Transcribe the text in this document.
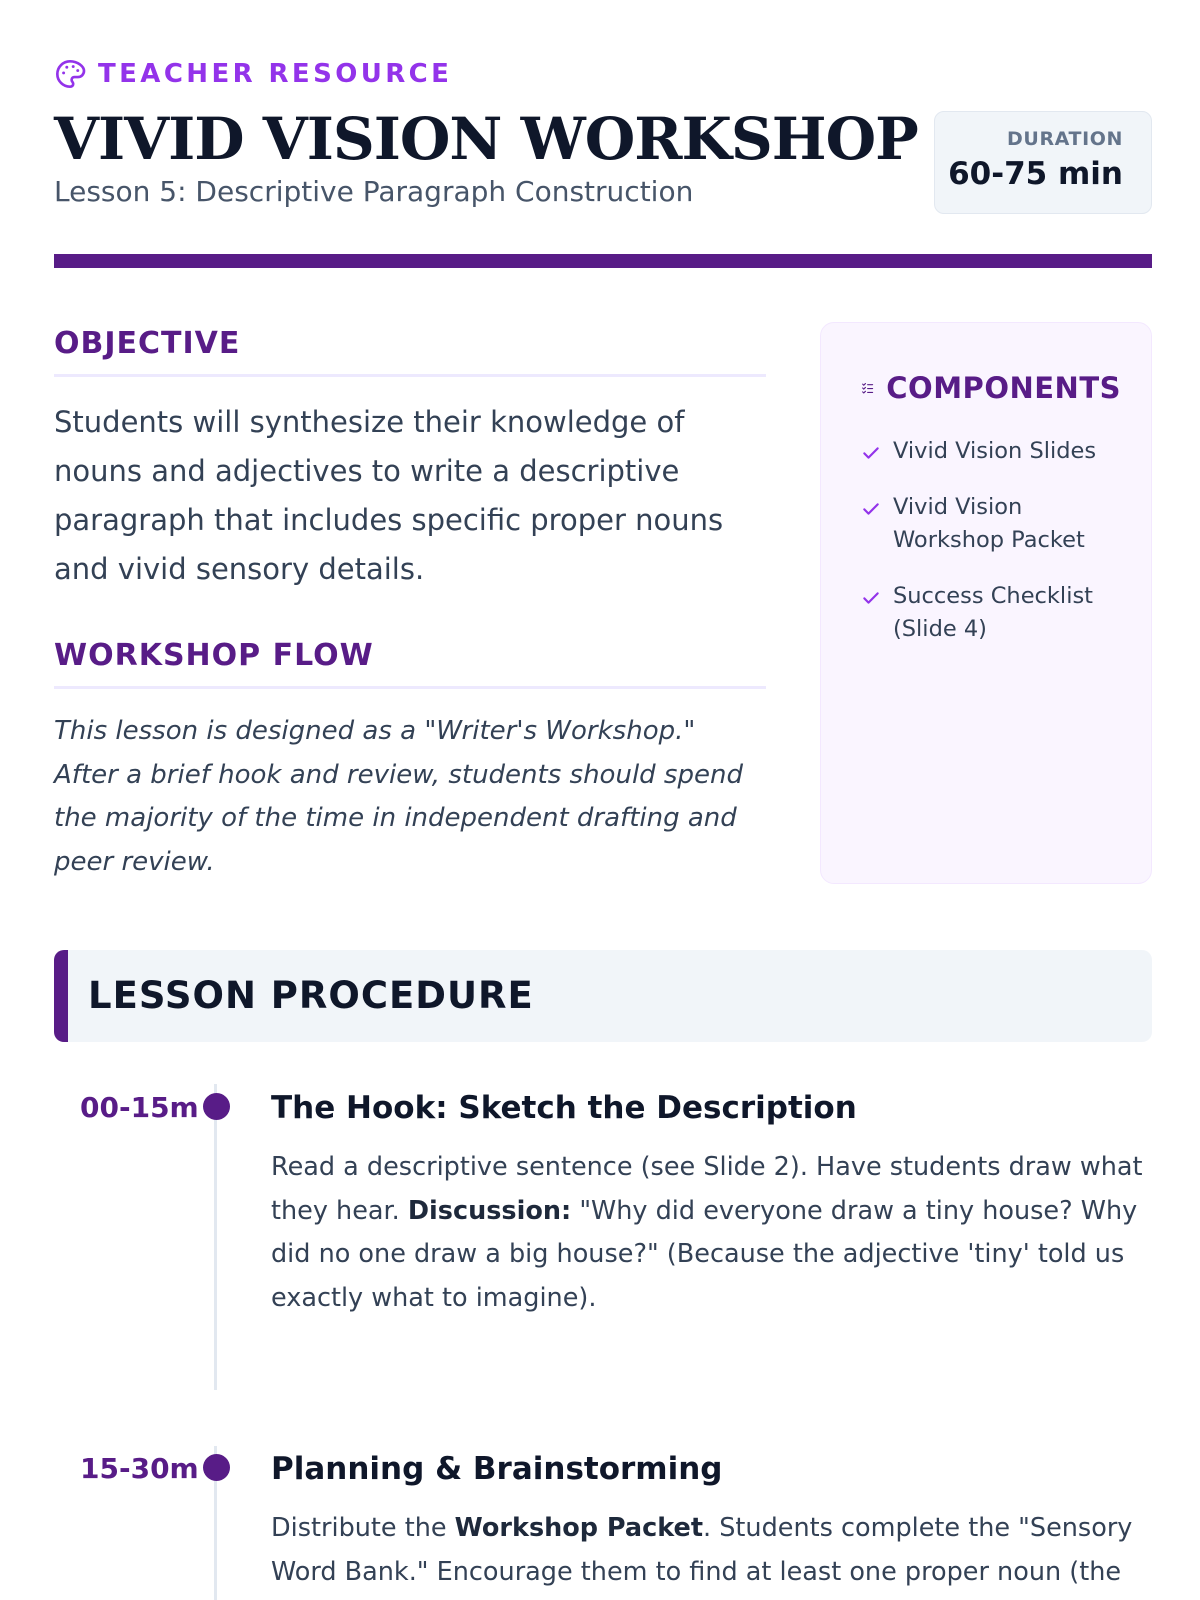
TEACHER RESOURCE
VIVID VISION WORKSHOP
Lesson 5: Descriptive Paragraph Construction
DURATION
60-75 min
OBJECTIVE

Students will synthesize their knowledge of nouns and adjectives to write a descriptive paragraph that includes specific proper nouns and vivid sensory details.

WORKSHOP FLOW

This lesson is designed as a "Writer's Workshop." After a brief hook and review, students should spend the majority of the time in independent drafting and peer review.

COMPONENTS
Vivid Vision Slides
Vivid Vision Workshop Packet
Success Checklist (Slide 4)
LESSON PROCEDURE
00-15m	The Hook: Sketch the Description

Read a descriptive sentence (see Slide 2). Have students draw what they hear. Discussion: "Why did everyone draw a tiny house? Why did no one draw a big house?" (Because the adjective 'tiny' told us exactly what to imagine).

15-30m	Planning & Brainstorming

Distribute the Workshop Packet. Students complete the "Sensory Word Bank." Encourage them to find at least one proper noun (the
